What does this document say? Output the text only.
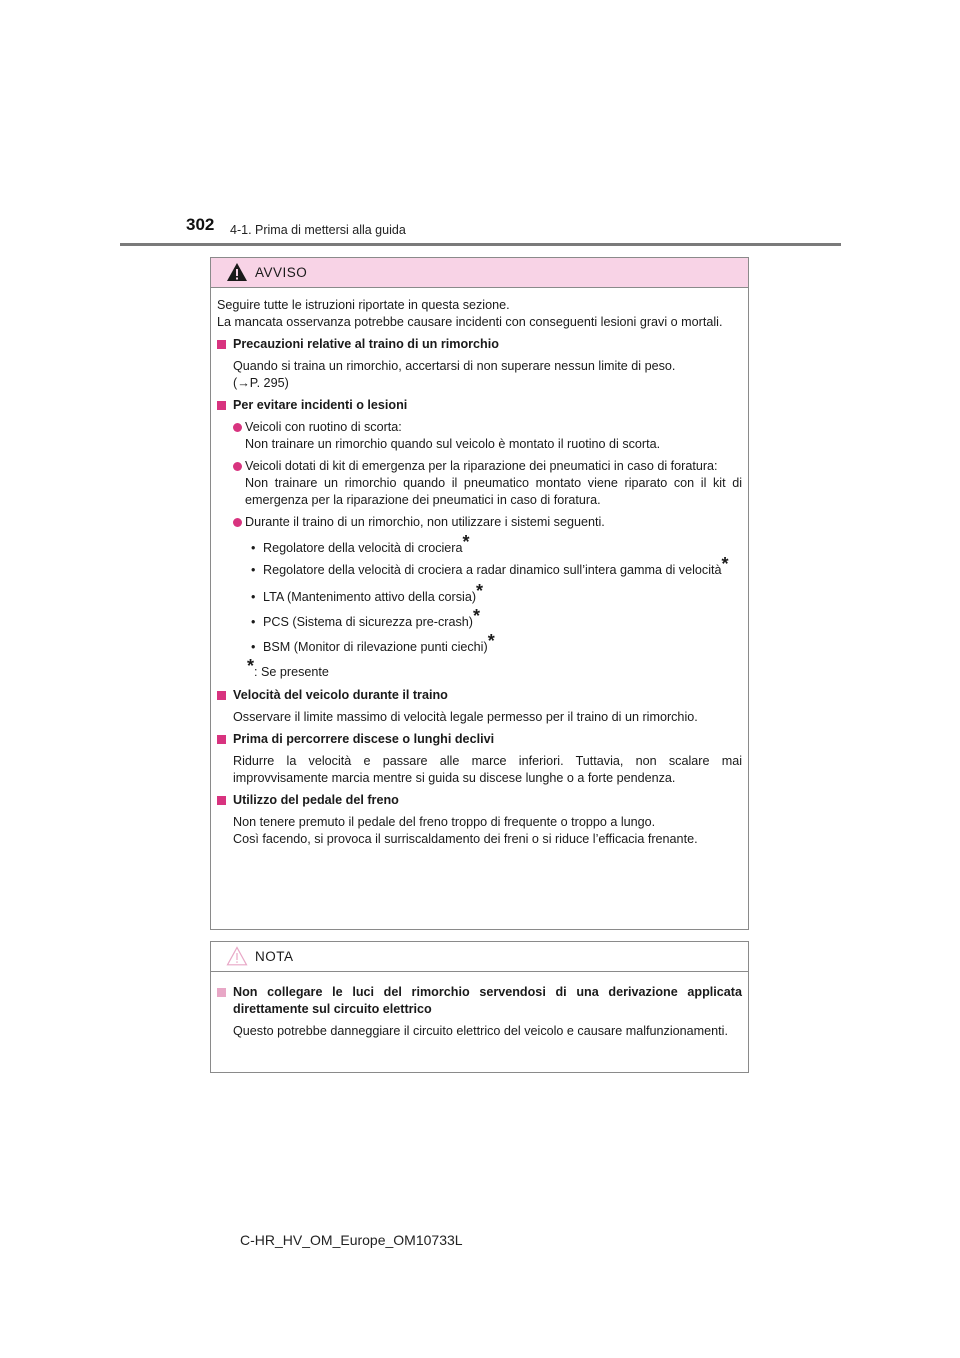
302 4-1. Prima di mettersi alla guida
AVVISO

Seguire tutte le istruzioni riportate in questa sezione.

La mancata osservanza potrebbe causare incidenti con conseguenti lesioni gravi o mortali.

Precauzioni relative al traino di un rimorchio

Quando si traina un rimorchio, accertarsi di non superare nessun limite di peso.

(→P. 295)

Per evitare incidenti o lesioni

Veicoli con ruotino di scorta:

Non trainare un rimorchio quando sul veicolo è montato il ruotino di scorta.

Veicoli dotati di kit di emergenza per la riparazione dei pneumatici in caso di foratura:

Non trainare un rimorchio quando il pneumatico montato viene riparato con il kit di emergenza per la riparazione dei pneumatici in caso di foratura.

Durante il traino di un rimorchio, non utilizzare i sistemi seguenti.

• Regolatore della velocità di crociera*
• Regolatore della velocità di crociera a radar dinamico sull’intera gamma di velocità*
• LTA (Mantenimento attivo della corsia)*
• PCS (Sistema di sicurezza pre-crash)*
• BSM (Monitor di rilevazione punti ciechi)*
*: Se presente
Velocità del veicolo durante il traino

Osservare il limite massimo di velocità legale permesso per il traino di un rimorchio.

Prima di percorrere discese o lunghi declivi

Ridurre la velocità e passare alle marce inferiori. Tuttavia, non scalare mai improvvisamente marcia mentre si guida su discese lunghe o a forte pendenza.

Utilizzo del pedale del freno

Non tenere premuto il pedale del freno troppo di frequente o troppo a lungo.

Così facendo, si provoca il surriscaldamento dei freni o si riduce l’efficacia frenante.

NOTA
Non collegare le luci del rimorchio servendosi di una derivazione applicata direttamente sul circuito elettrico

Questo potrebbe danneggiare il circuito elettrico del veicolo e causare malfunzionamenti.

C-HR_HV_OM_Europe_OM10733L
